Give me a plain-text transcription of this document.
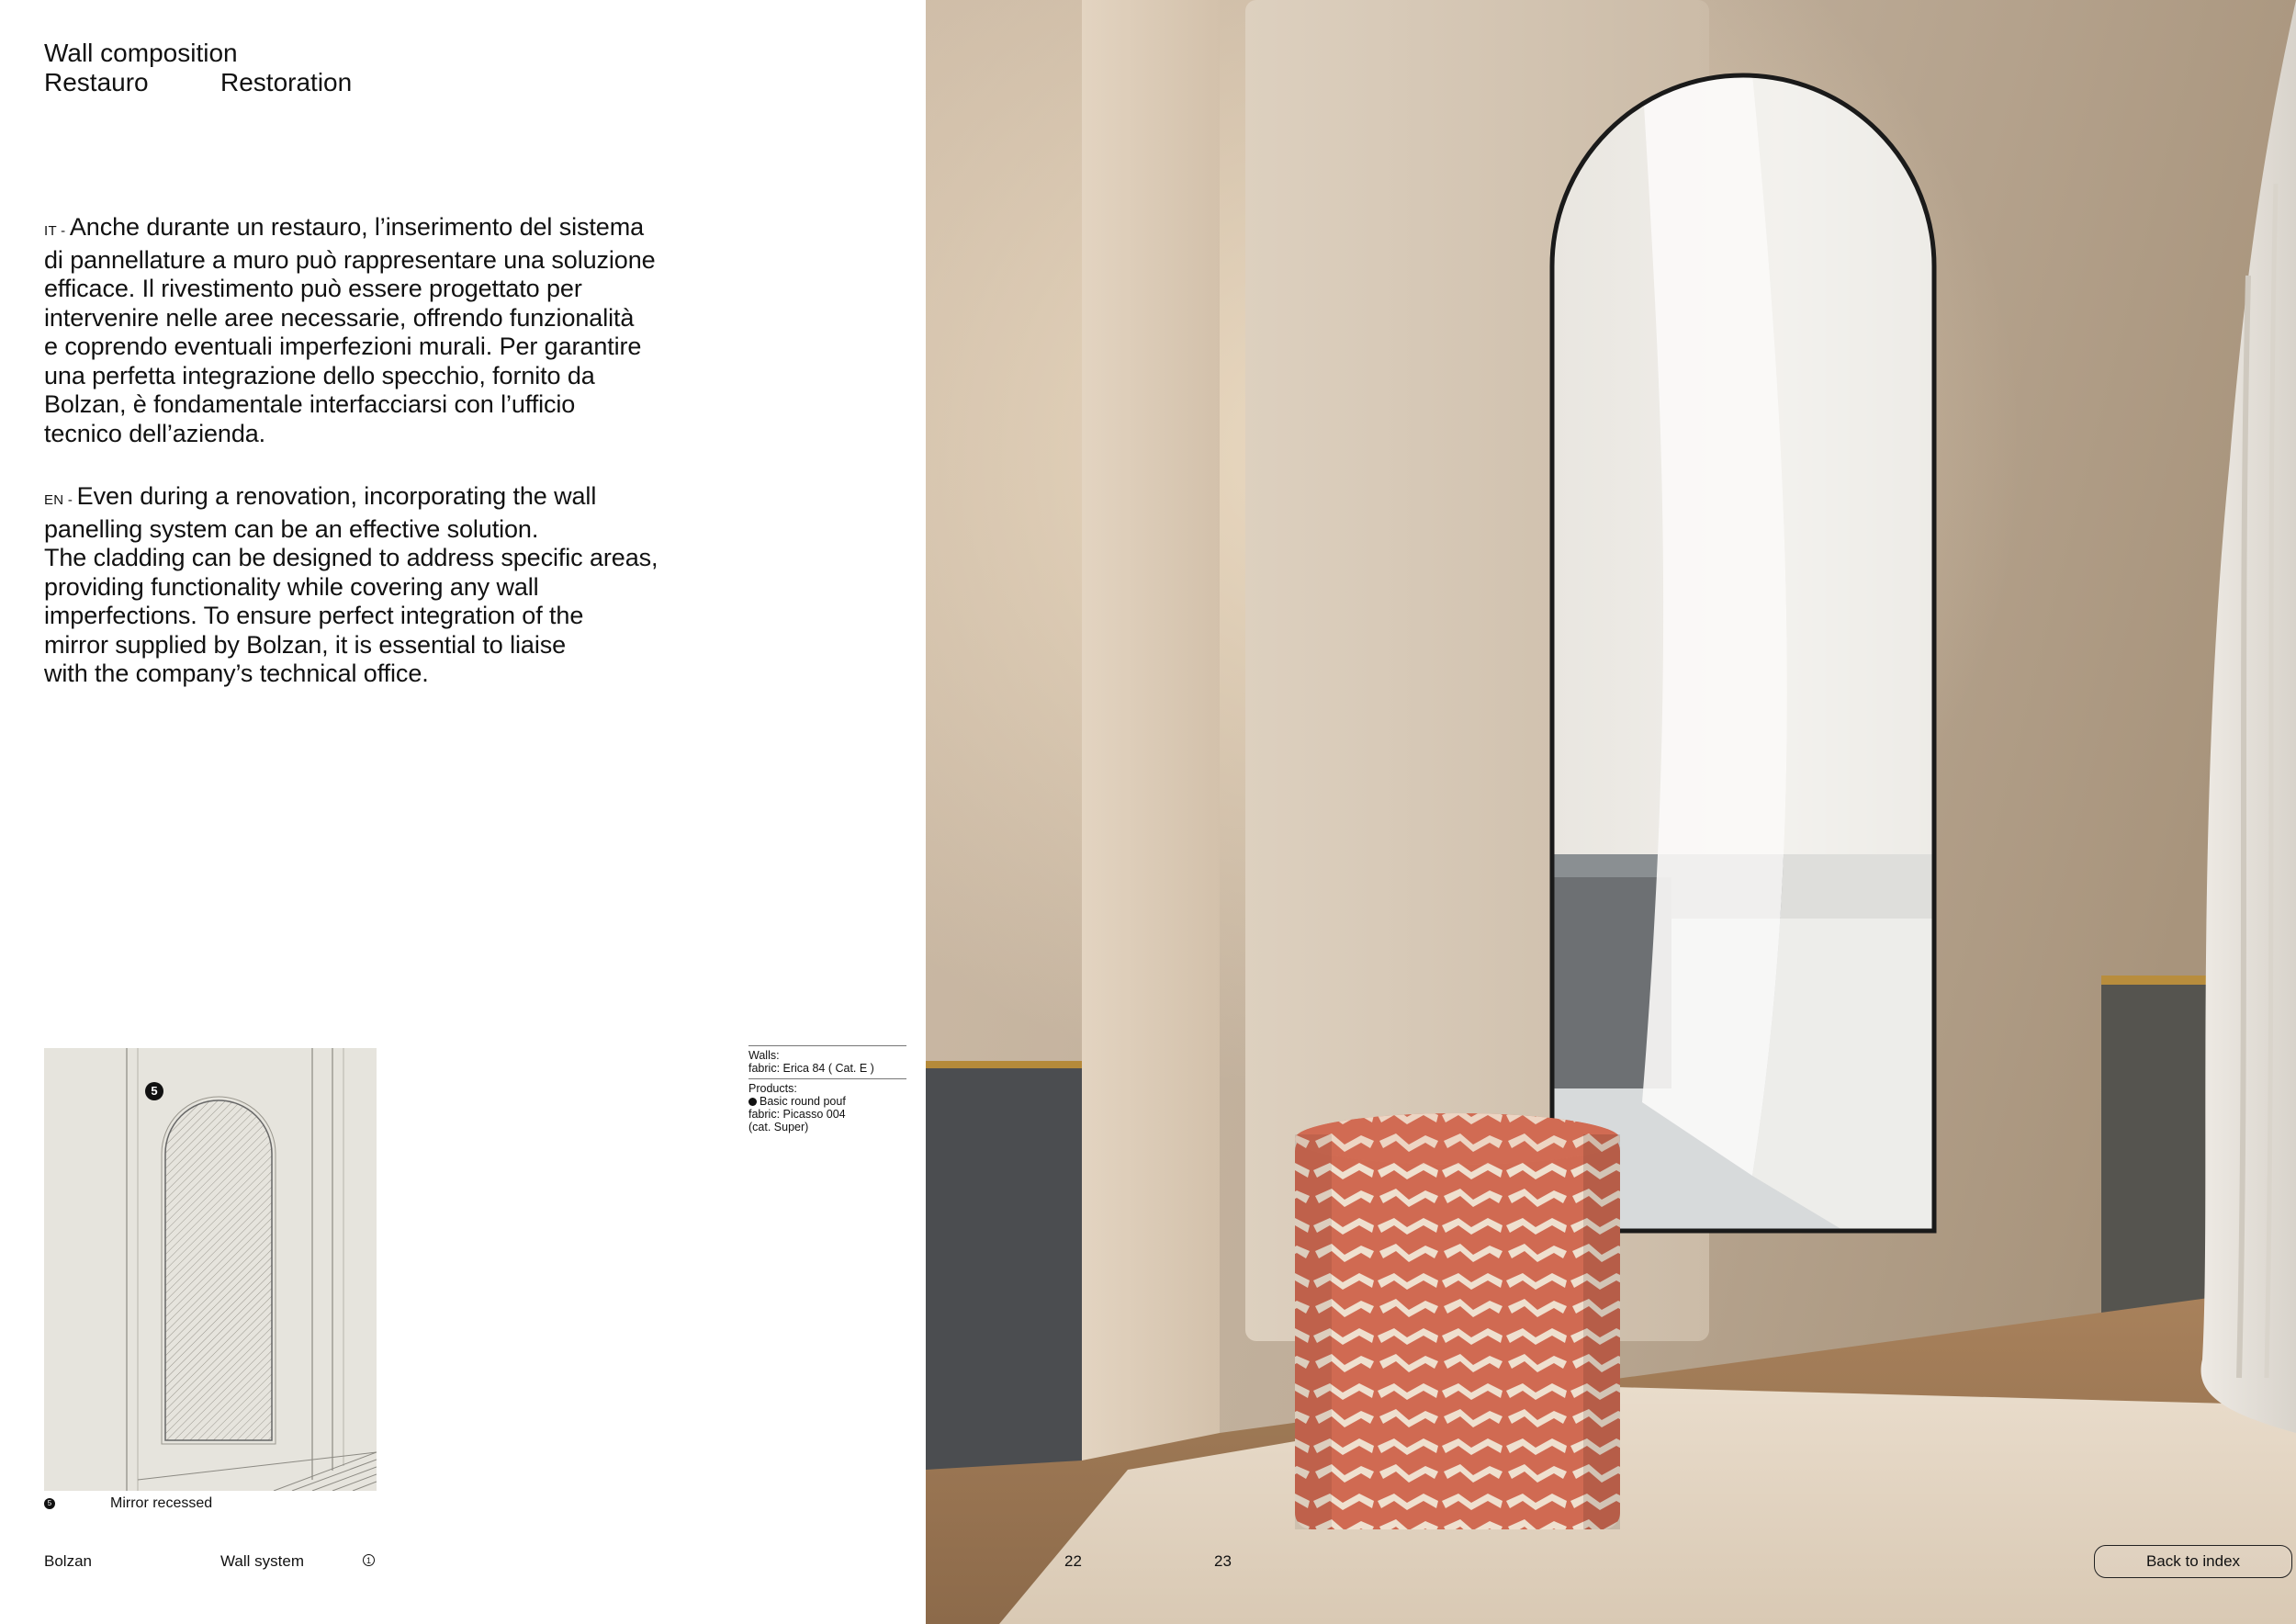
Wall composition
Restauro	Restoration
IT - Anche durante un restauro, l’inserimento del sistema
di pannellature a muro può rappresentare una soluzione
efficace. Il rivestimento può essere progettato per
intervenire nelle aree necessarie, offrendo funzionalità
e coprendo eventuali imperfezioni murali. Per garantire
una perfetta integrazione dello specchio, fornito da
Bolzan, è fondamentale interfacciarsi con l’ufficio
tecnico dell’azienda.
EN - Even during a renovation, incorporating the wall
panelling system can be an effective solution.
The cladding can be designed to address specific areas,
providing functionality while covering any wall
imperfections. To ensure perfect integration of the
mirror supplied by Bolzan, it is essential to liaise
with the company’s technical office.
5
5	Mirror recessed
Walls:
fabric: Erica 84 ( Cat. E )
Products:
Basic round pouf
fabric: Picasso 004
(cat. Super)
Bolzan	Wall system	1	22	23	Back to index
